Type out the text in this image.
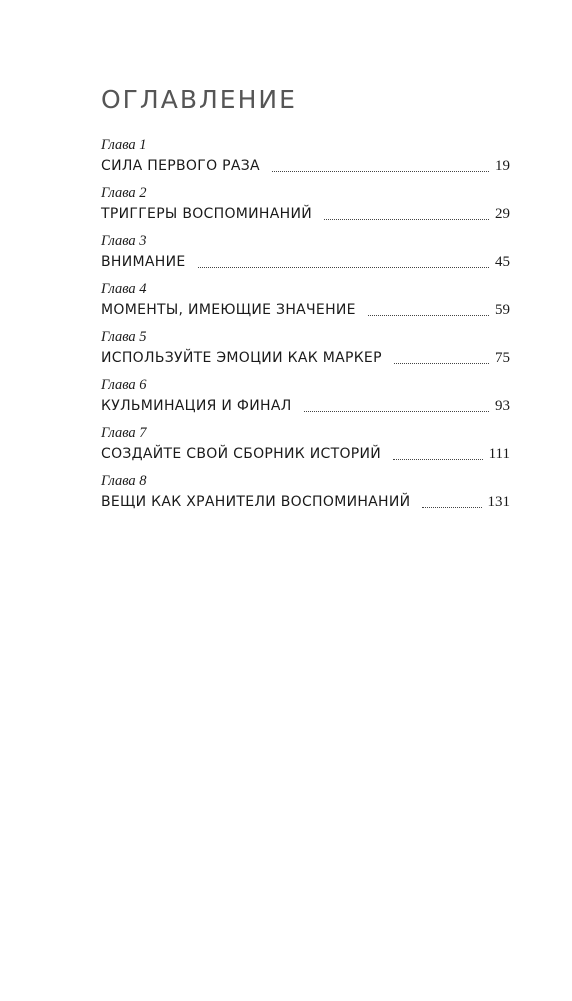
ОГЛАВЛЕНИЕ
Глава 1
СИЛА ПЕРВОГО РАЗА	19
Глава 2
ТРИГГЕРЫ ВОСПОМИНАНИЙ	29
Глава 3
ВНИМАНИЕ	45
Глава 4
МОМЕНТЫ, ИМЕЮЩИЕ ЗНАЧЕНИЕ	59
Глава 5
ИСПОЛЬЗУЙТЕ ЭМОЦИИ КАК МАРКЕР	75
Глава 6
КУЛЬМИНАЦИЯ И ФИНАЛ	93
Глава 7
СОЗДАЙТЕ СВОЙ СБОРНИК ИСТОРИЙ	111
Глава 8
ВЕЩИ КАК ХРАНИТЕЛИ ВОСПОМИНАНИЙ	131
